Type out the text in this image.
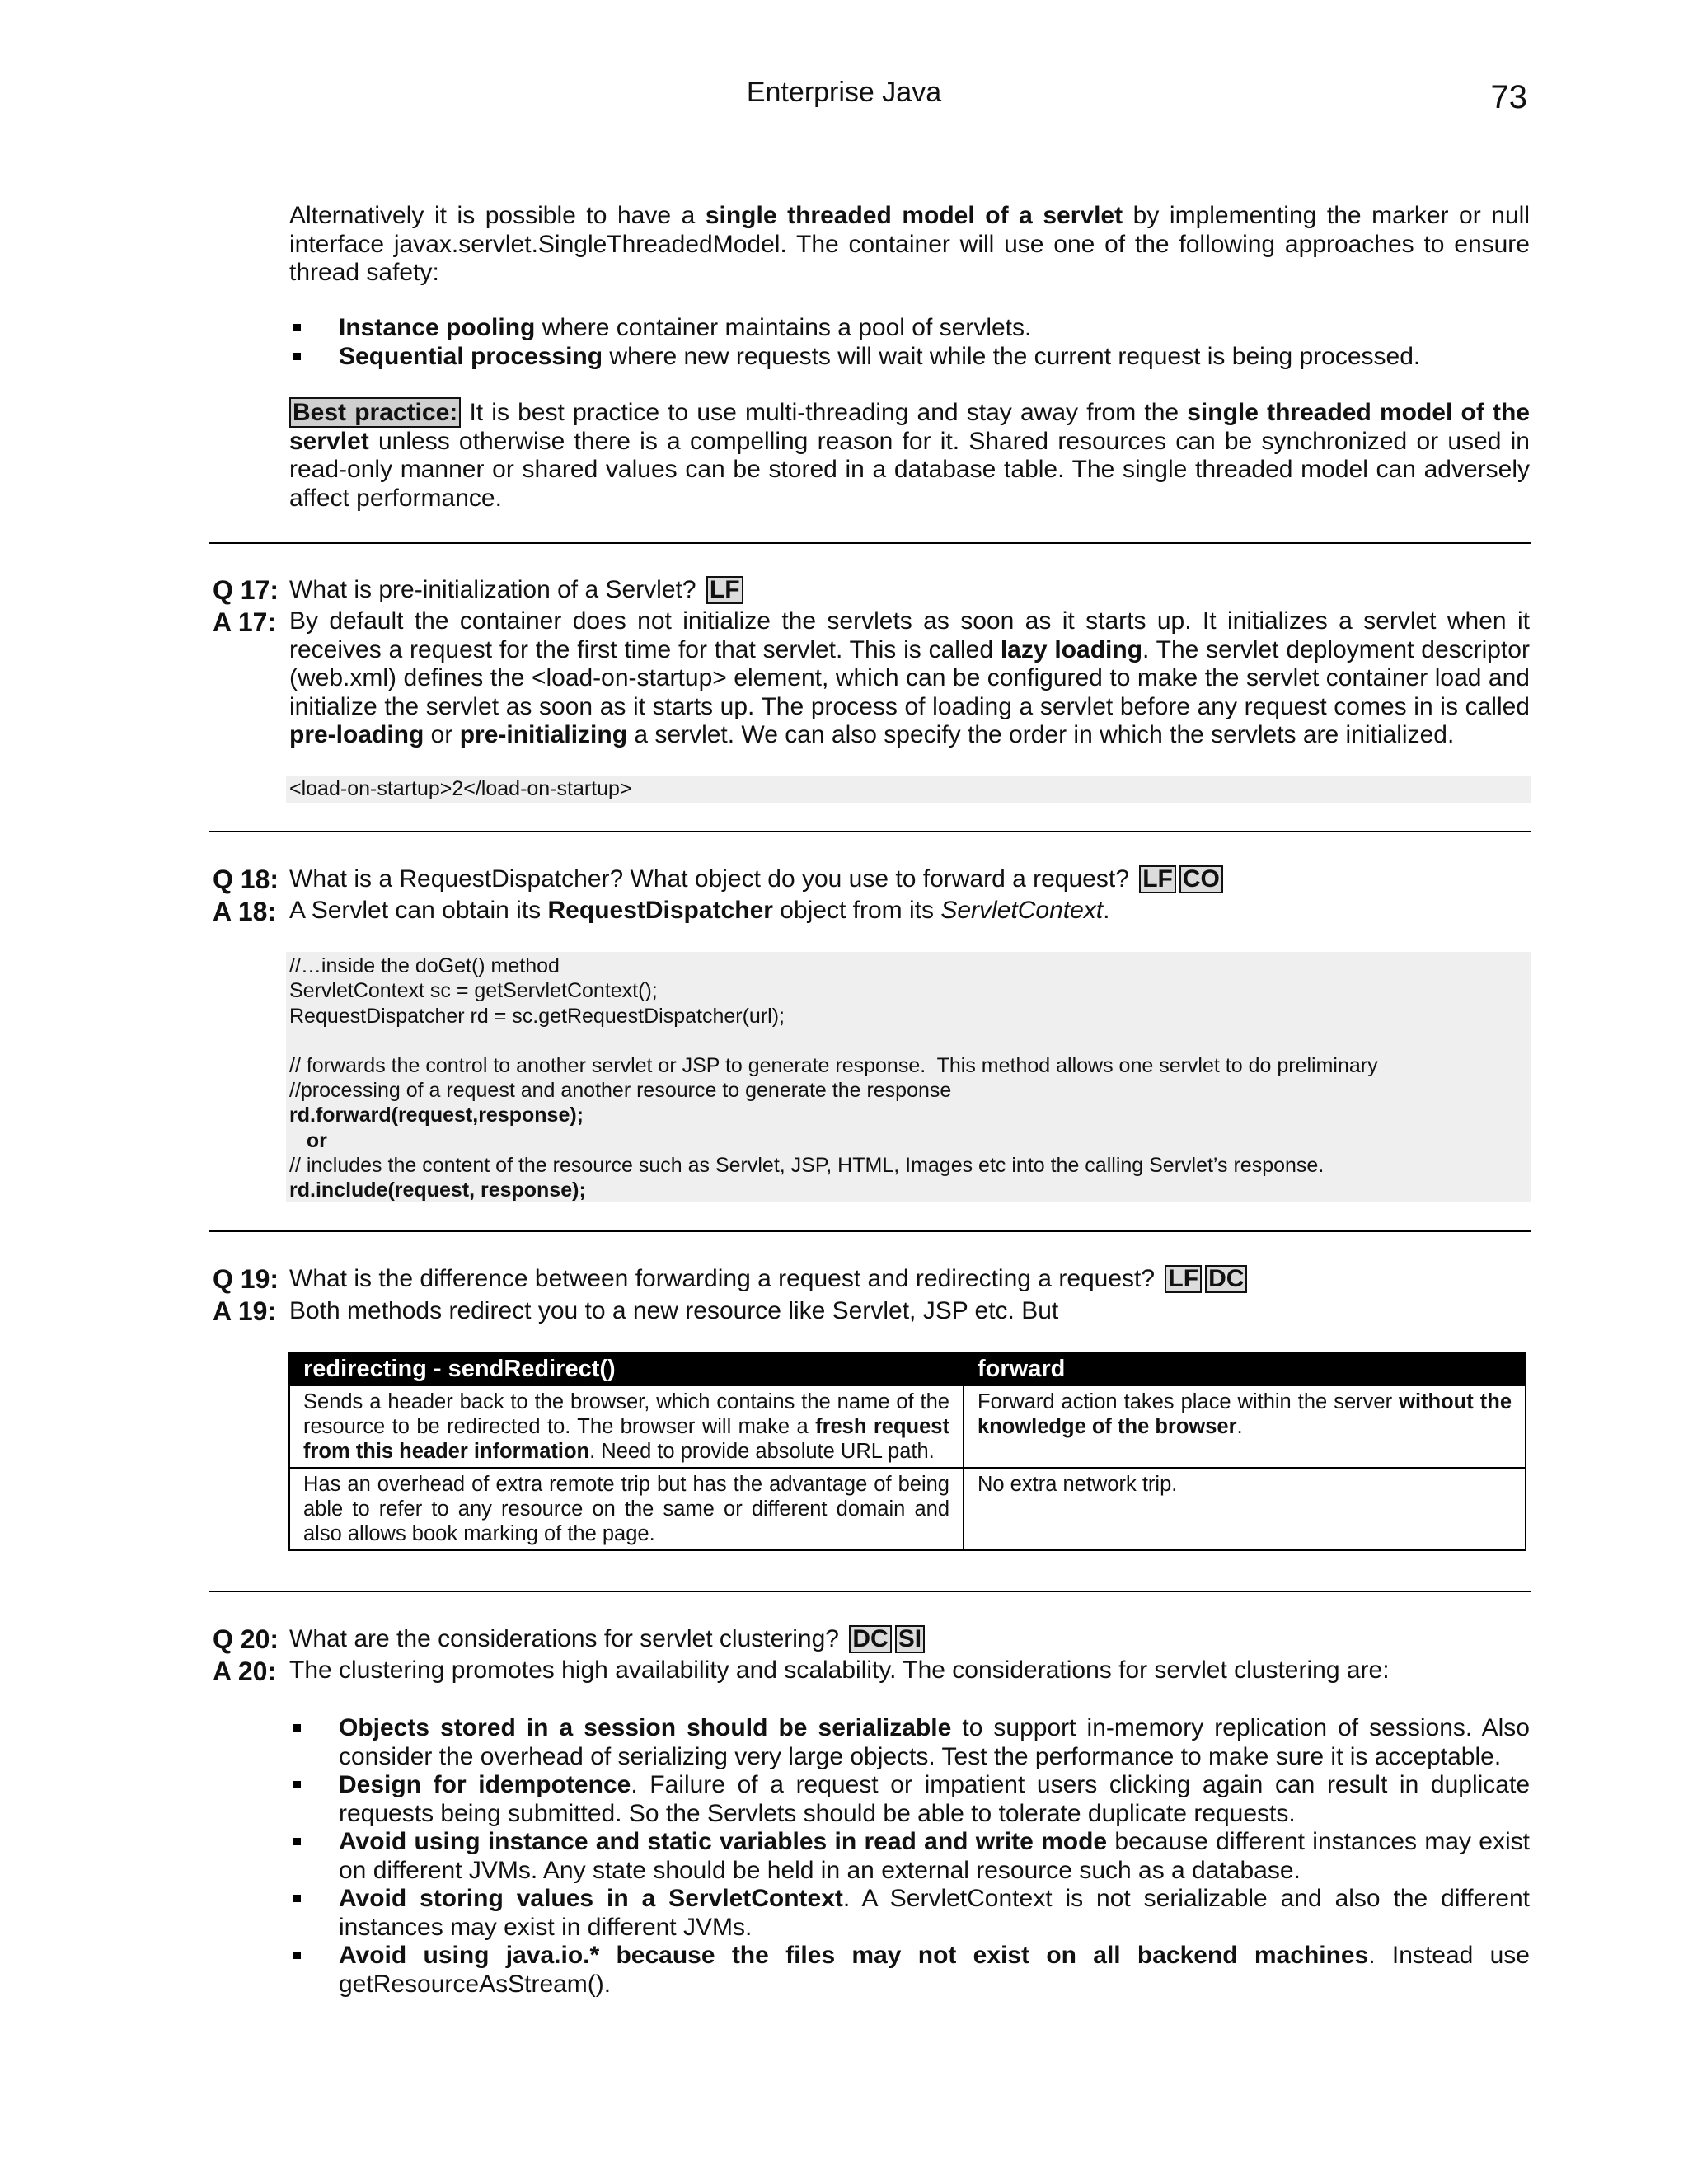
Enterprise Java	73
Alternatively it is possible to have a single threaded model of a servlet by implementing the marker or null interface javax.servlet.SingleThreadedModel. The container will use one of the following approaches to ensure thread safety:
Instance pooling where container maintains a pool of servlets.
Sequential processing where new requests will wait while the current request is being processed.
Best practice: It is best practice to use multi-threading and stay away from the single threaded model of the servlet unless otherwise there is a compelling reason for it. Shared resources can be synchronized or used in read-only manner or shared values can be stored in a database table. The single threaded model can adversely affect performance.
Q 17: What is pre-initialization of a Servlet? LF
A 17: By default the container does not initialize the servlets as soon as it starts up. It initializes a servlet when it receives a request for the first time for that servlet. This is called lazy loading. The servlet deployment descriptor (web.xml) defines the <load-on-startup> element, which can be configured to make the servlet container load and initialize the servlet as soon as it starts up. The process of loading a servlet before any request comes in is called pre-loading or pre-initializing a servlet. We can also specify the order in which the servlets are initialized.
<load-on-startup>2</load-on-startup>
Q 18: What is a RequestDispatcher? What object do you use to forward a request? LF CO
A 18: A Servlet can obtain its RequestDispatcher object from its ServletContext.
//…inside the doGet() method
ServletContext sc = getServletContext();
RequestDispatcher rd = sc.getRequestDispatcher(url);
// forwards the control to another servlet or JSP to generate response.  This method allows one servlet to do preliminary
//processing of a request and another resource to generate the response
rd.forward(request,response);
or
// includes the content of the resource such as Servlet, JSP, HTML, Images etc into the calling Servlet’s response.
rd.include(request, response);
Q 19: What is the difference between forwarding a request and redirecting a request? LF DC
A 19: Both methods redirect you to a new resource like Servlet, JSP etc. But
redirecting - sendRedirect()	forward
Sends a header back to the browser, which contains the name of the resource to be redirected to. The browser will make a fresh request from this header information. Need to provide absolute URL path.	Forward action takes place within the server without the knowledge of the browser.
Has an overhead of extra remote trip but has the advantage of being able to refer to any resource on the same or different domain and also allows book marking of the page.	No extra network trip.
Q 20: What are the considerations for servlet clustering? DC SI
A 20: The clustering promotes high availability and scalability. The considerations for servlet clustering are:
Objects stored in a session should be serializable to support in-memory replication of sessions. Also consider the overhead of serializing very large objects. Test the performance to make sure it is acceptable.
Design for idempotence. Failure of a request or impatient users clicking again can result in duplicate requests being submitted. So the Servlets should be able to tolerate duplicate requests.
Avoid using instance and static variables in read and write mode because different instances may exist on different JVMs. Any state should be held in an external resource such as a database.
Avoid storing values in a ServletContext. A ServletContext is not serializable and also the different instances may exist in different JVMs.
Avoid using java.io.* because the files may not exist on all backend machines. Instead use getResourceAsStream().
